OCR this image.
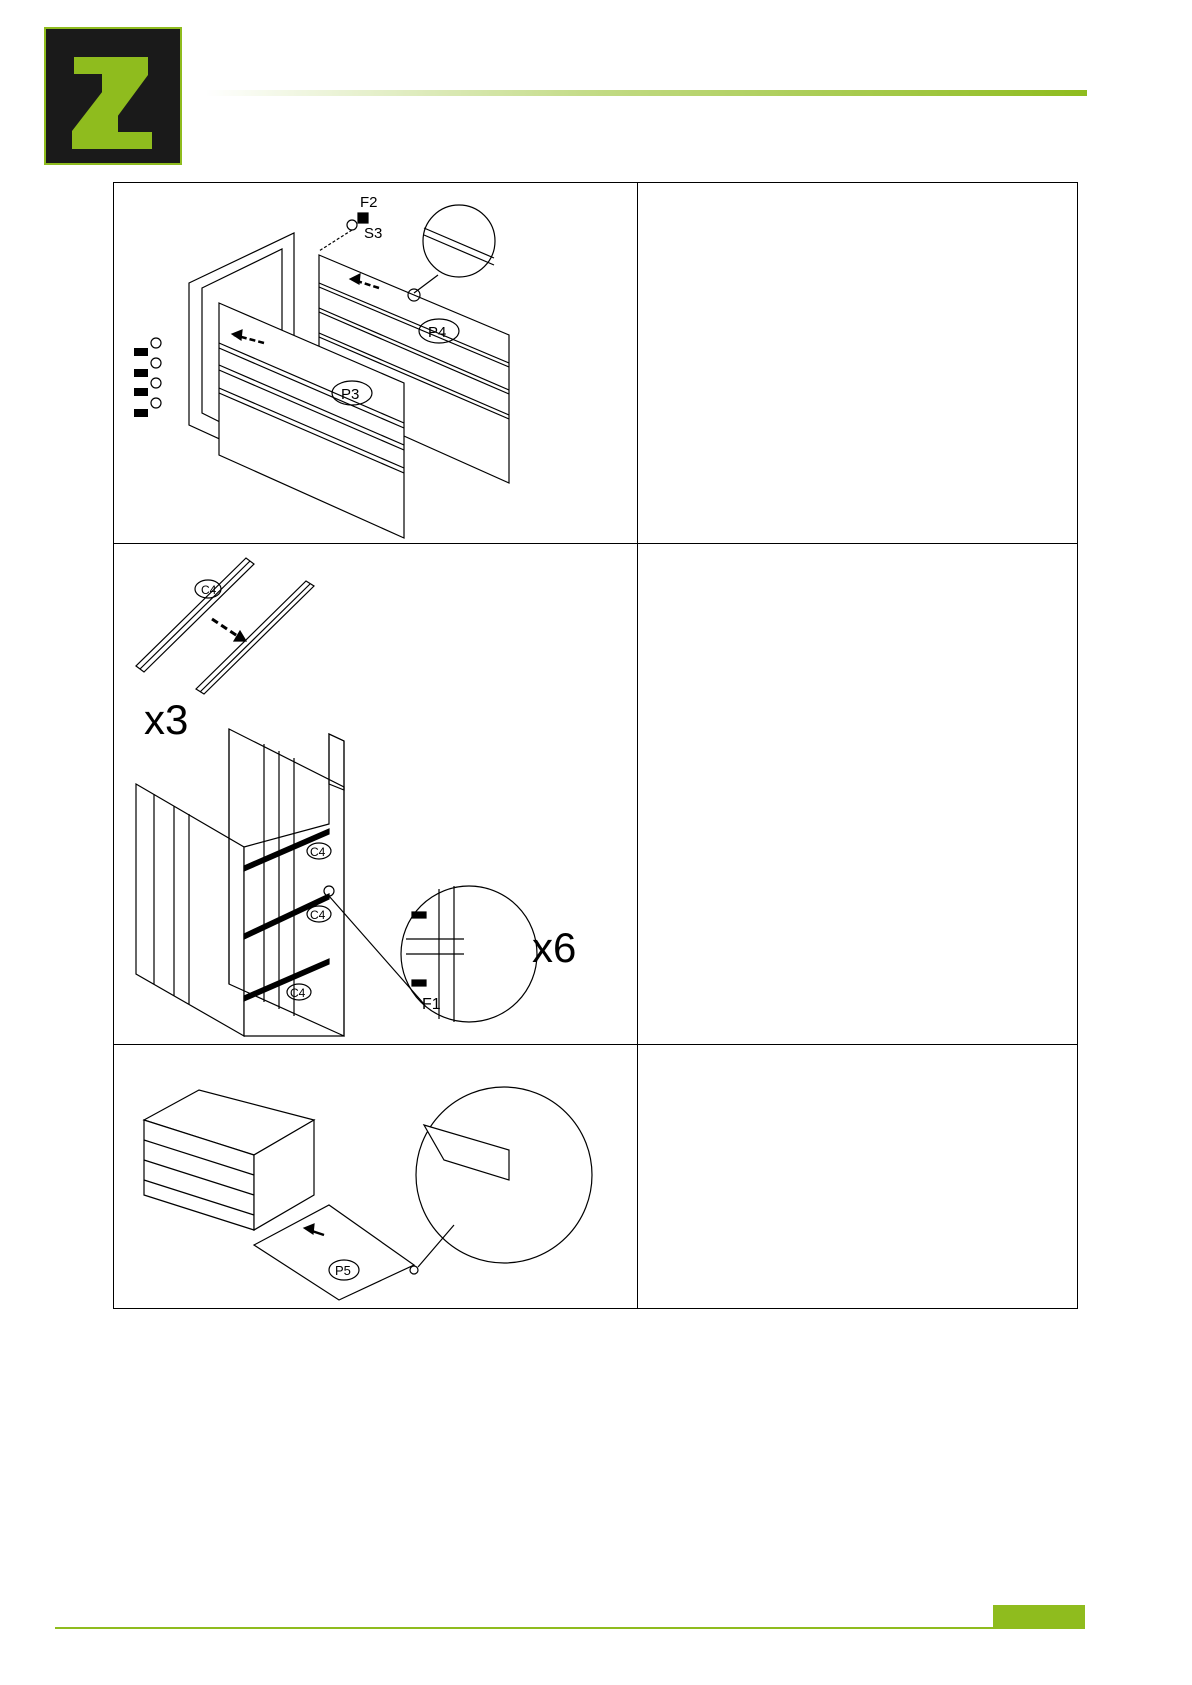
F2
S3
P4
P3
C4
x3
C4
C4
C4
x6
F1
P5
